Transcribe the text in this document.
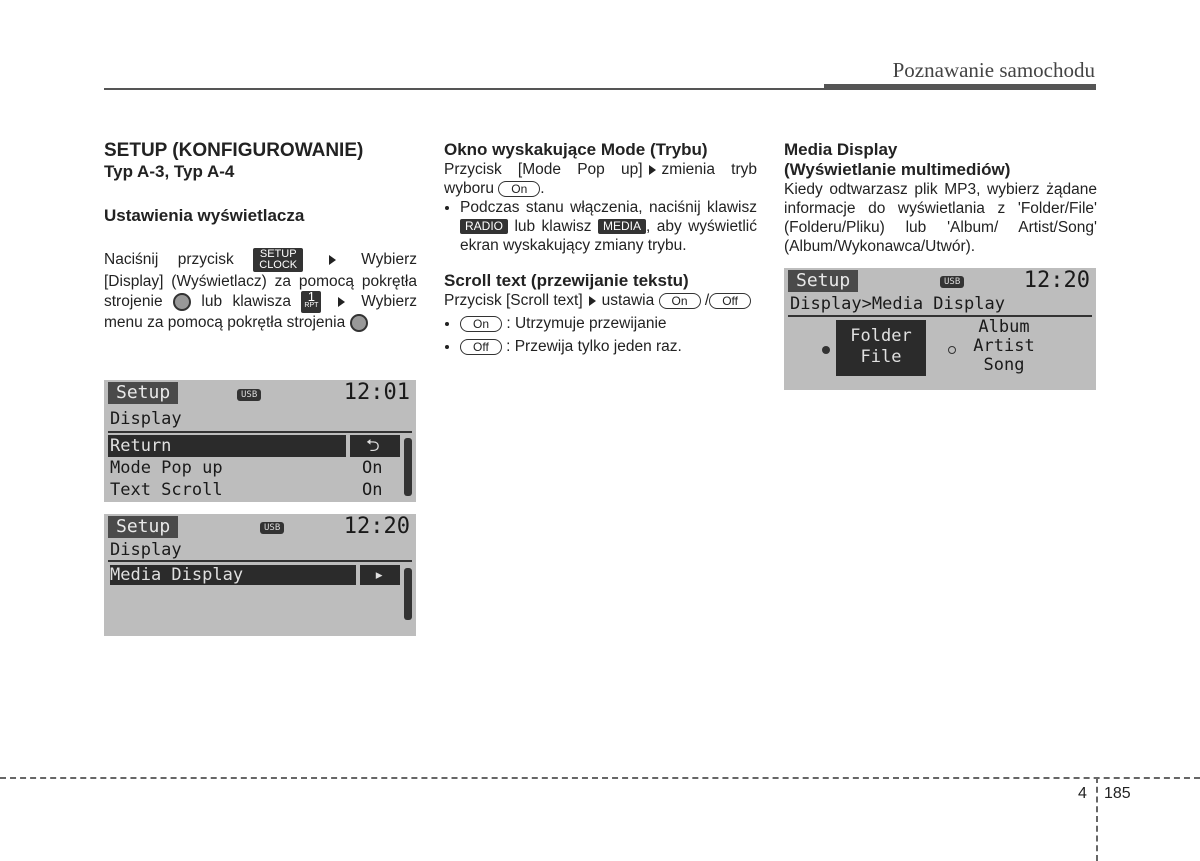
Poznawanie samochodu
SETUP (KONFIGUROWANIE)
Typ A-3, Typ A-4
Ustawienia wyświetlacza

Naciśnij przycisk SETUP
CLOCK	Wybierz [Display] (Wyświetlacz) za pomocą pokrętła strojenie	lub klawisza 1
RPT	Wybierz menu za pomocą pokrętła strojenia

Setup	USB	12:01
Display
Return	⮌
Mode Pop up	On
Text Scroll	On
Setup	USB	12:20
Display
Media Display	▸
Okno wyskakujące Mode (Trybu)

Przycisk [Mode Pop up] zmienia tryb wyboru On .

• Podczas stanu włączenia, naciśnij klawisz RADIO lub klawisz MEDIA , aby wyświetlić ekran wyskakujący zmiany trybu.
Scroll text (przewijanie tekstu)

Przycisk [Scroll text] ustawia On / Off

• On : Utrzymuje przewijanie
• Off : Przewija tylko jeden raz.
Media Display
(Wyświetlanie multimediów)

Kiedy odtwarzasz plik MP3, wybierz żądane informacje do wyświetlania z 'Folder/File' (Folderu/Pliku) lub 'Album/ Artist/Song' (Album/Wykonawca/Utwór).

Setup	USB	12:20
Display>Media Display
Folder
File
Album
Artist
Song
4 185
